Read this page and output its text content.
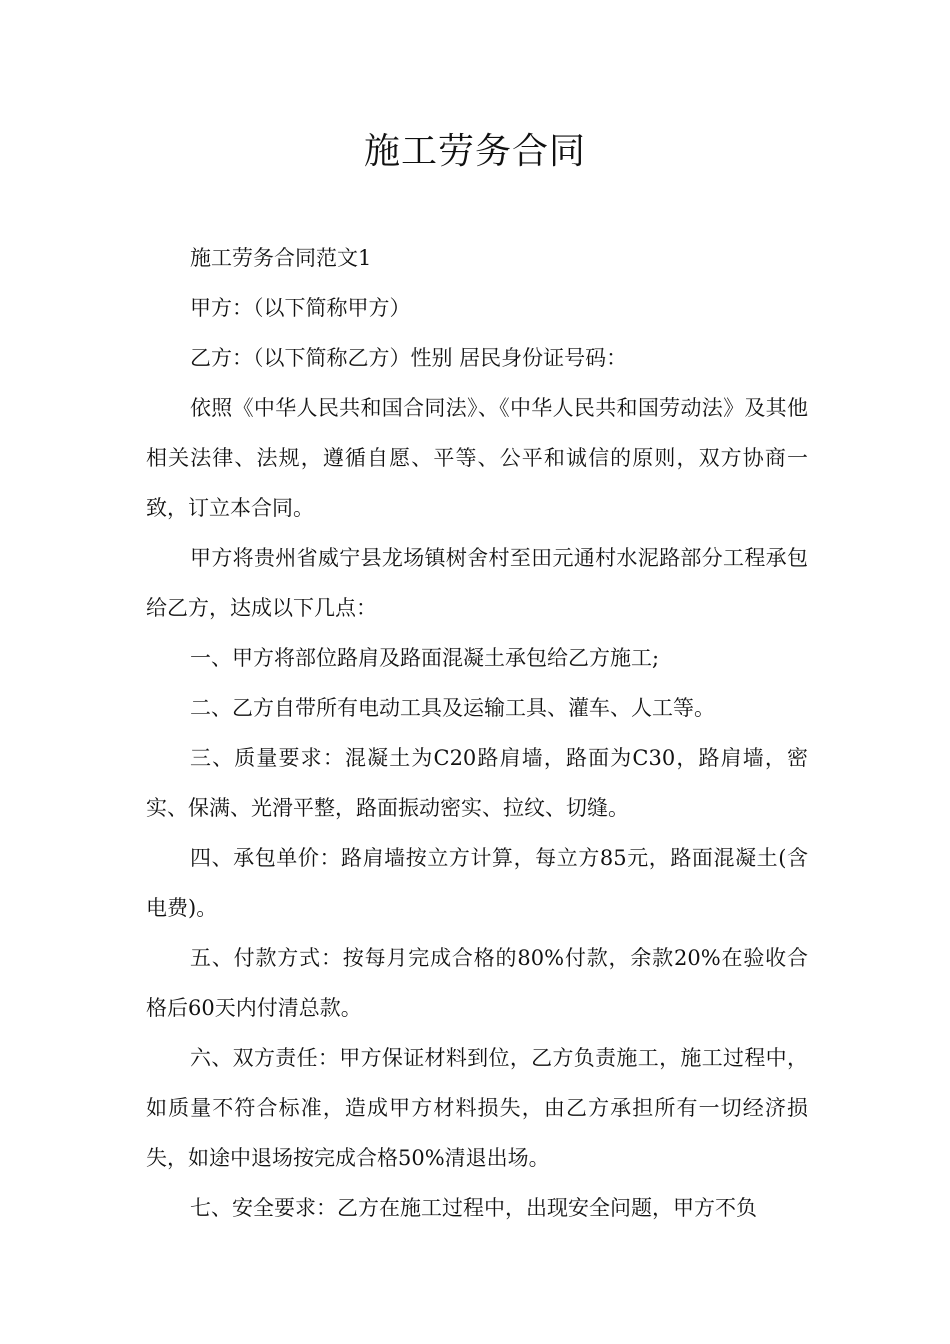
施工劳务合同

施工劳务合同范文1

甲方：（以下简称甲方）

乙方：（以下简称乙方）性别 居民身份证号码：

依照《中华人民共和国合同法》、《中华人民共和国劳动法》及其他相关法律、法规，遵循自愿、平等、公平和诚信的原则，双方协商一致，订立本合同。

甲方将贵州省威宁县龙场镇树舍村至田元通村水泥路部分工程承包给乙方，达成以下几点：

一、甲方将部位路肩及路面混凝土承包给乙方施工;

二、乙方自带所有电动工具及运输工具、灌车、人工等。

三、质量要求：混凝土为C20路肩墙，路面为C30，路肩墙，密实、保满、光滑平整，路面振动密实、拉纹、切缝。

四、承包单价：路肩墙按立方计算，每立方85元，路面混凝土(含电费)。

五、付款方式：按每月完成合格的80%付款，余款20%在验收合格后60天内付清总款。

六、双方责任：甲方保证材料到位，乙方负责施工，施工过程中，如质量不符合标准，造成甲方材料损失，由乙方承担所有一切经济损失，如途中退场按完成合格50%清退出场。

七、安全要求：乙方在施工过程中，出现安全问题，甲方不负
